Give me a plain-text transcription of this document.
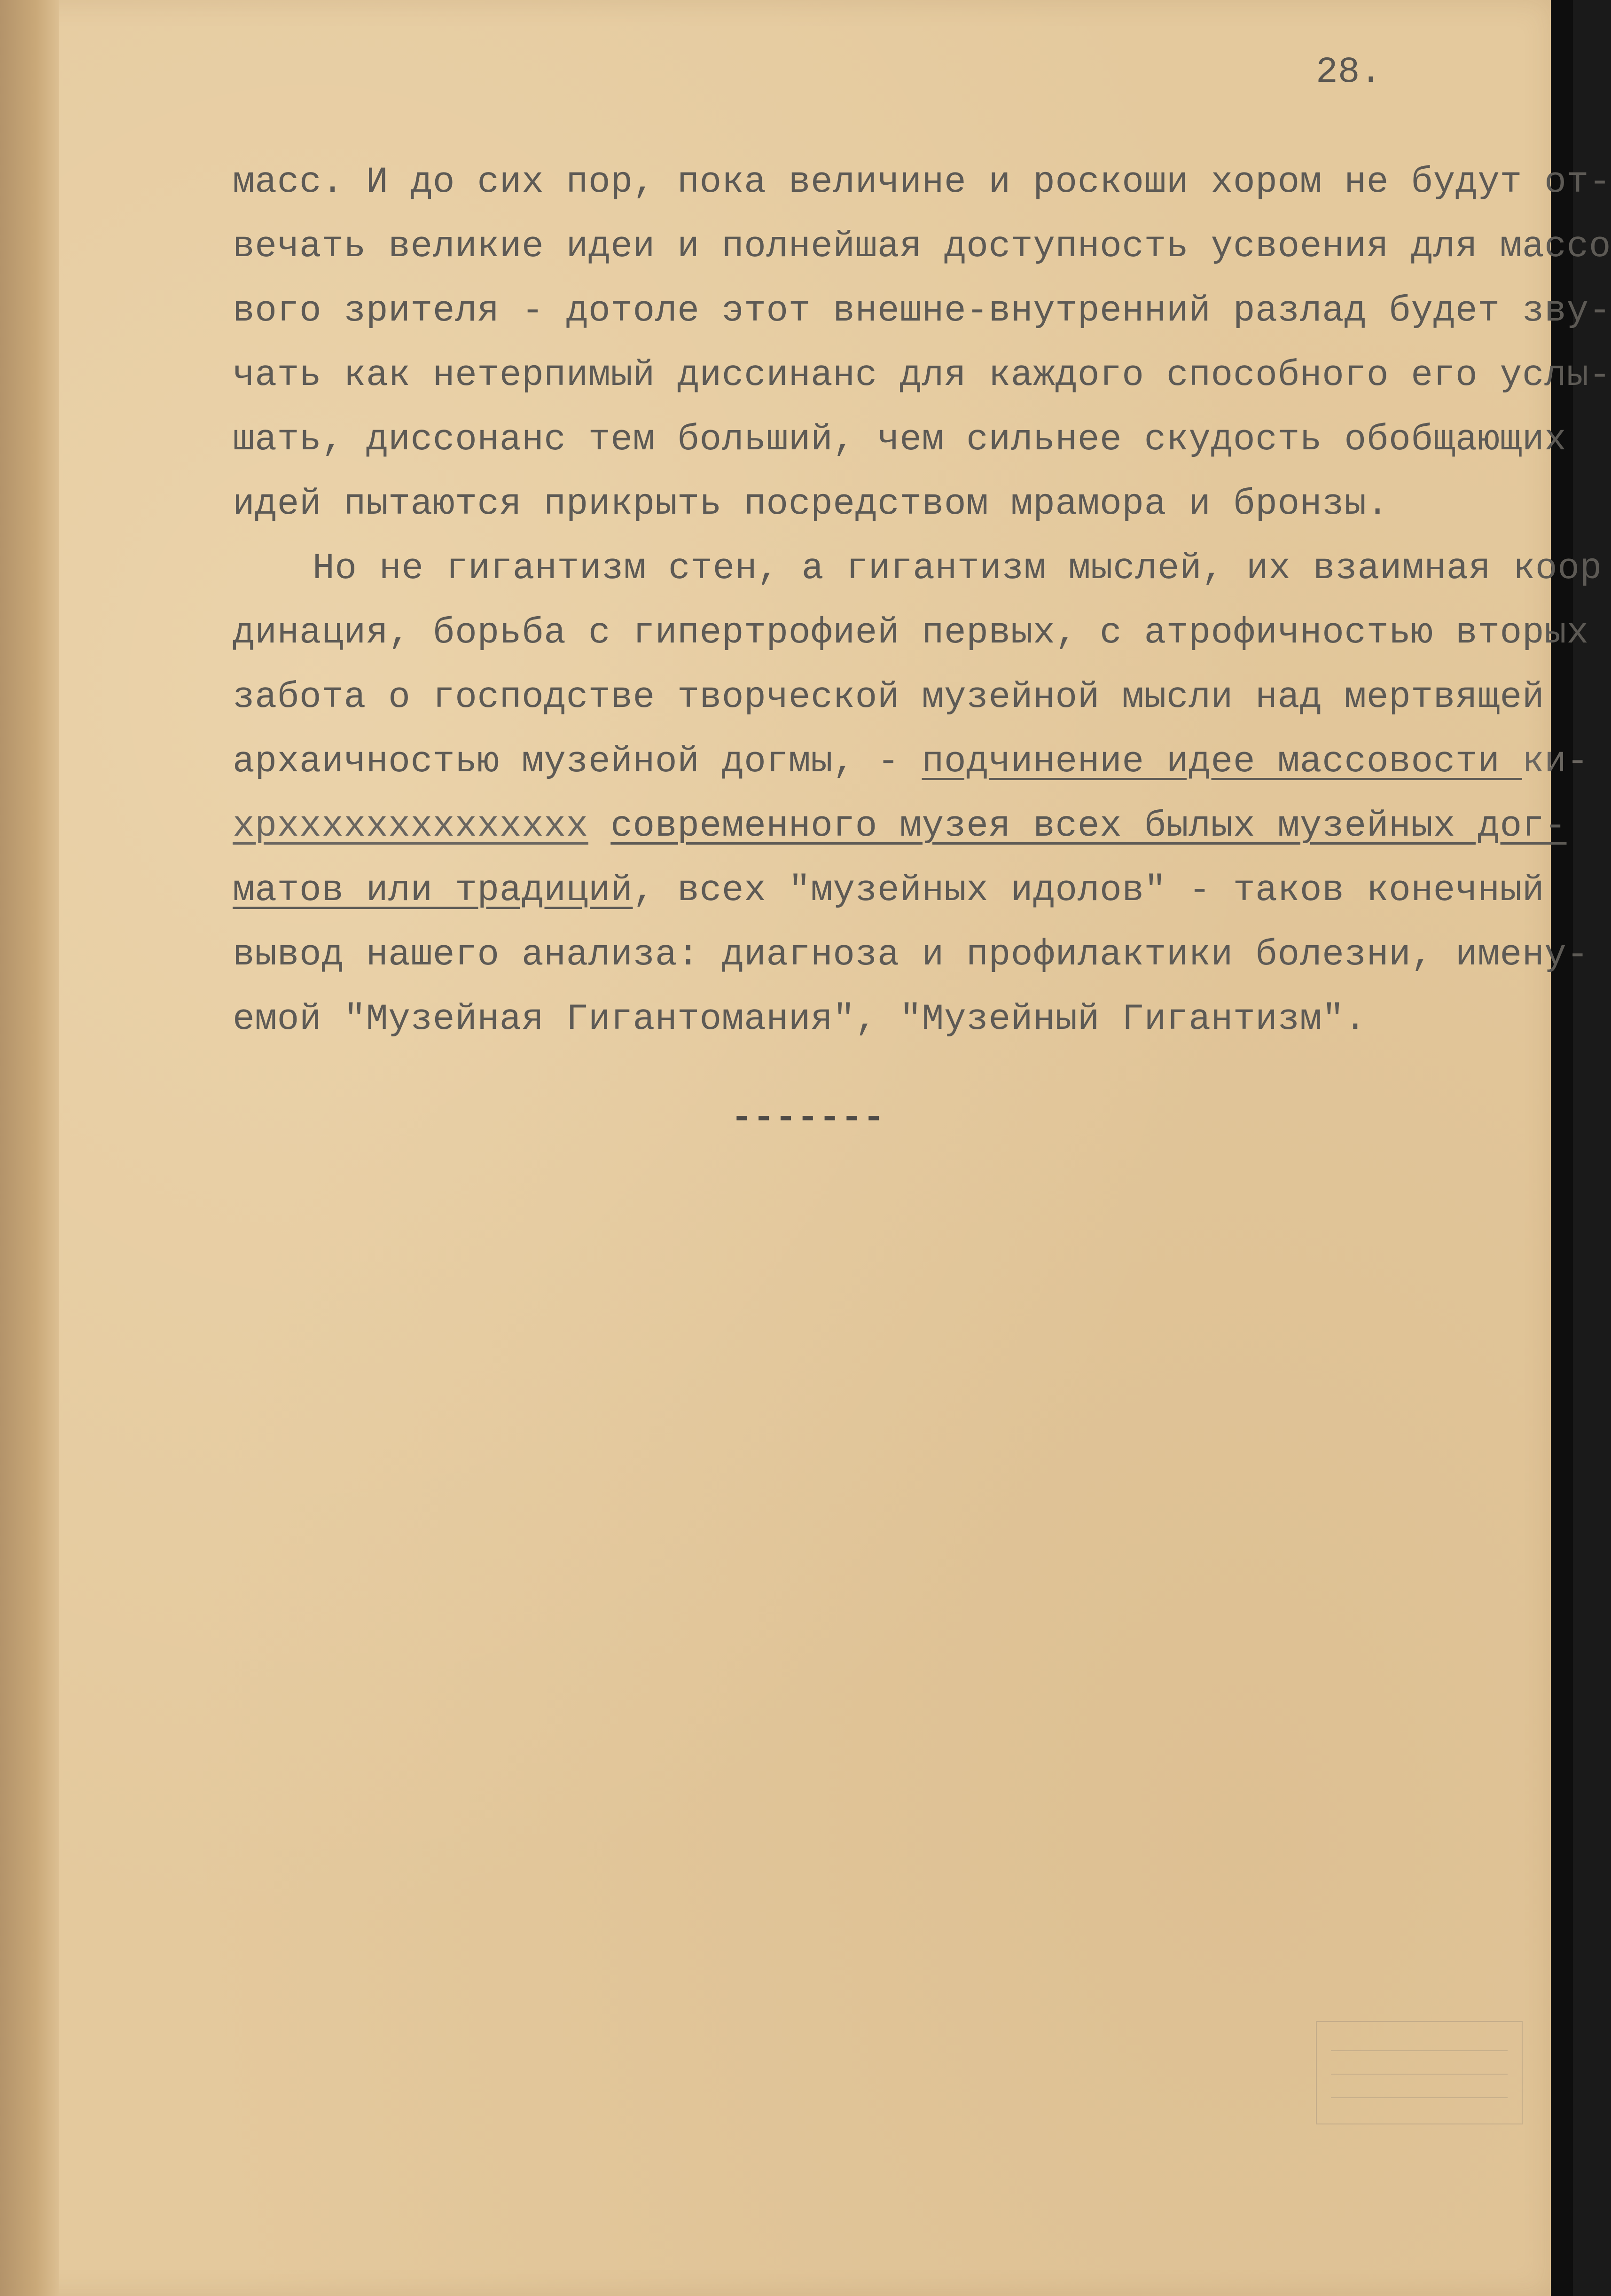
28.
масс. И до сих пор, пока величине и роскоши хором не будут от-
вечать великие идеи и полнейшая доступность усвоения для массо
вого зрителя - дотоле этот внешне-внутренний разлад будет зву-
чать как нетерпимый диссинанс для каждого способного его услы-
шать, диссонанс тем больший, чем сильнее скудость обобщающих
идей пытаются прикрыть посредством мрамора и бронзы.
Но не гигантизм стен, а гигантизм мыслей, их взаимная коор
динация, борьба с гипертрофией первых, с атрофичностью вторых
забота о господстве творческой музейной мысли над мертвящей
архаичностью музейной догмы, - подчинение идее массовости ки-
хрхххххххххххххх современного музея всех былых музейных дог-
матов или традиций, всех "музейных идолов" - таков конечный
вывод нашего анализа: диагноза и профилактики болезни, имену-
емой "Музейная Гигантомания", "Музейный Гигантизм".
-------
